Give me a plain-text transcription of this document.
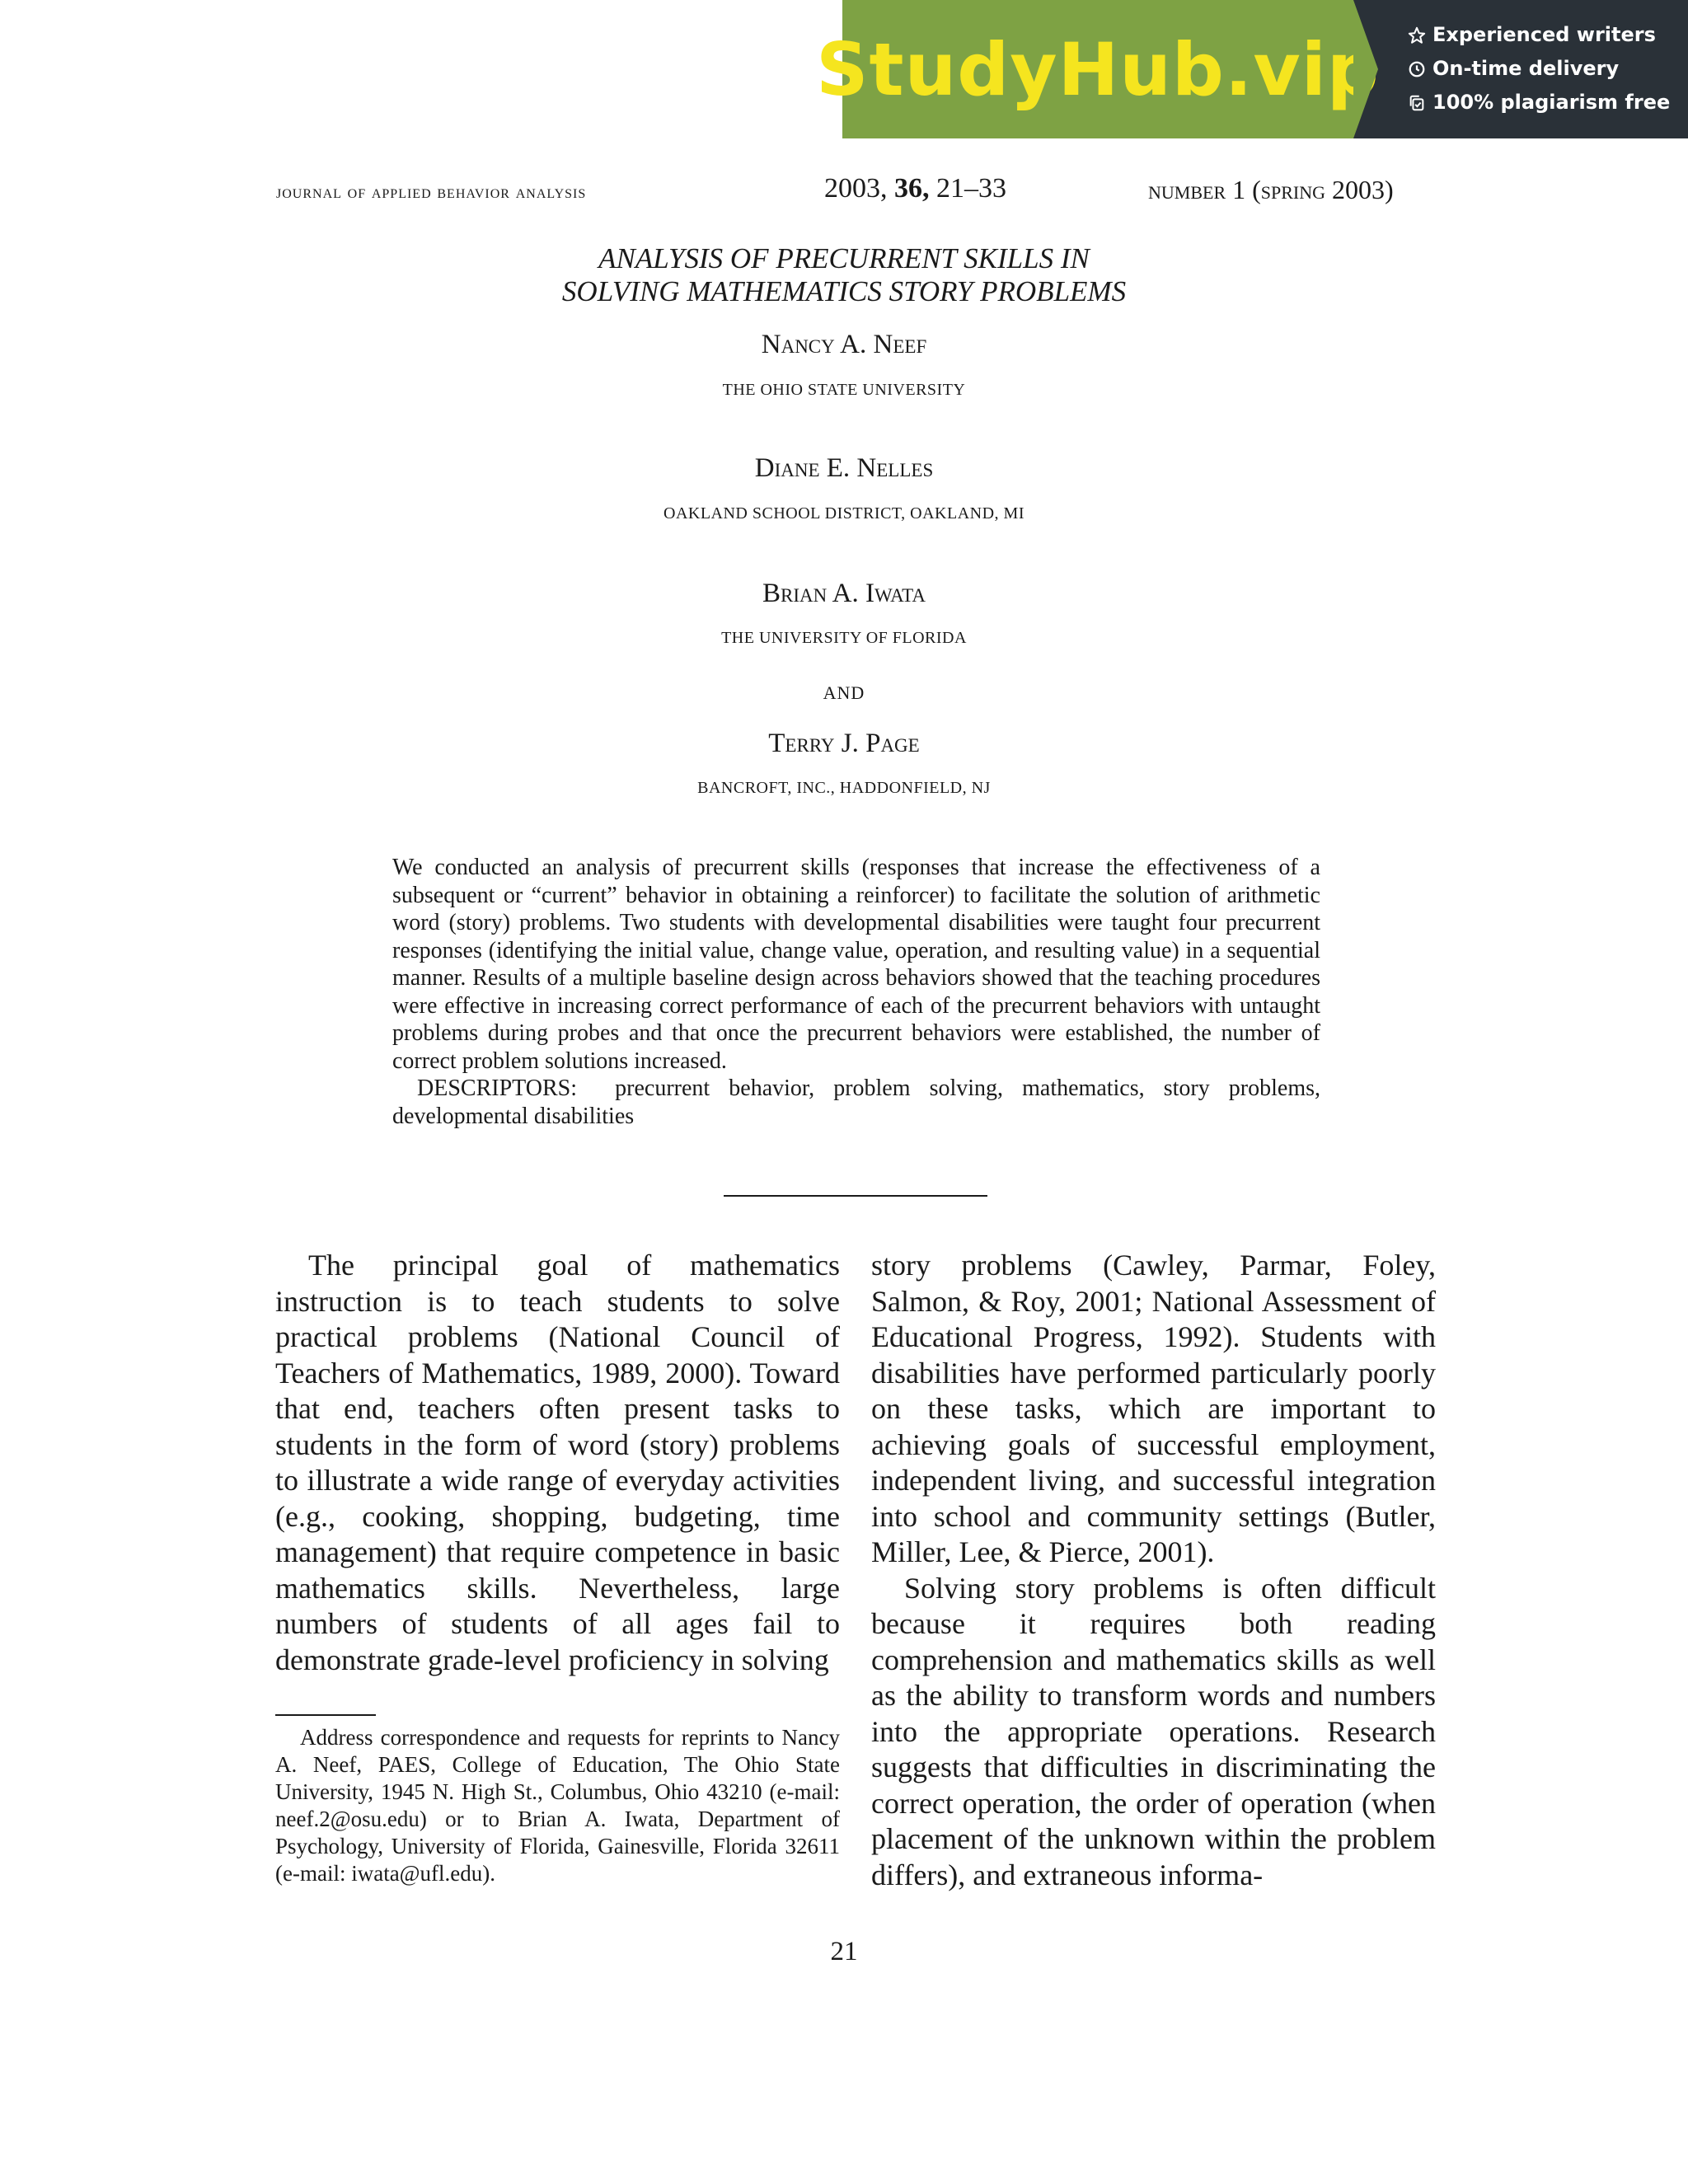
StudyHub.vip	Experienced writers
On-time delivery
100% plagiarism free
journal of applied behavior analysis	2003, 36, 21–33	number 1 (spring 2003)
ANALYSIS OF PRECURRENT SKILLS IN
SOLVING MATHEMATICS STORY PROBLEMS
Nancy A. Neef
THE OHIO STATE UNIVERSITY
Diane E. Nelles
OAKLAND SCHOOL DISTRICT, OAKLAND, MI
Brian A. Iwata
THE UNIVERSITY OF FLORIDA
AND
Terry J. Page
BANCROFT, INC., HADDONFIELD, NJ

We conducted an analysis of precurrent skills (responses that increase the effectiveness of a subsequent or “current” behavior in obtaining a reinforcer) to facilitate the solution of arithmetic word (story) problems. Two students with developmental disabilities were taught four precurrent responses (identifying the initial value, change value, operation, and resulting value) in a sequential manner. Results of a multiple baseline design across behaviors showed that the teaching procedures were effective in increasing correct performance of each of the precurrent behaviors with untaught problems during probes and that once the precurrent behaviors were established, the number of correct problem solutions increased.

DESCRIPTORS: precurrent behavior, problem solving, mathematics, story problems, developmental disabilities

The principal goal of mathematics instruction is to teach students to solve practical problems (National Council of Teachers of Mathematics, 1989, 2000). Toward that end, teachers often present tasks to students in the form of word (story) problems to illustrate a wide range of everyday activities (e.g., cooking, shopping, budgeting, time management) that require competence in basic mathematics skills. Nevertheless, large numbers of students of all ages fail to demonstrate grade-level proficiency in solving

story problems (Cawley, Parmar, Foley, Salmon, & Roy, 2001; National Assessment of Educational Progress, 1992). Students with disabilities have performed particularly poorly on these tasks, which are important to achieving goals of successful employment, independent living, and successful integration into school and community settings (Butler, Miller, Lee, & Pierce, 2001).

Solving story problems is often difficult because it requires both reading comprehension and mathematics skills as well as the ability to transform words and numbers into the appropriate operations. Research suggests that difficulties in discriminating the correct operation, the order of operation (when placement of the unknown within the problem differs), and extraneous informa-

Address correspondence and requests for reprints to Nancy A. Neef, PAES, College of Education, The Ohio State University, 1945 N. High St., Columbus, Ohio 43210 (e-mail: neef.2@osu.edu) or to Brian A. Iwata, Department of Psychology, University of Florida, Gainesville, Florida 32611 (e-mail: iwata@ufl.edu).
21
